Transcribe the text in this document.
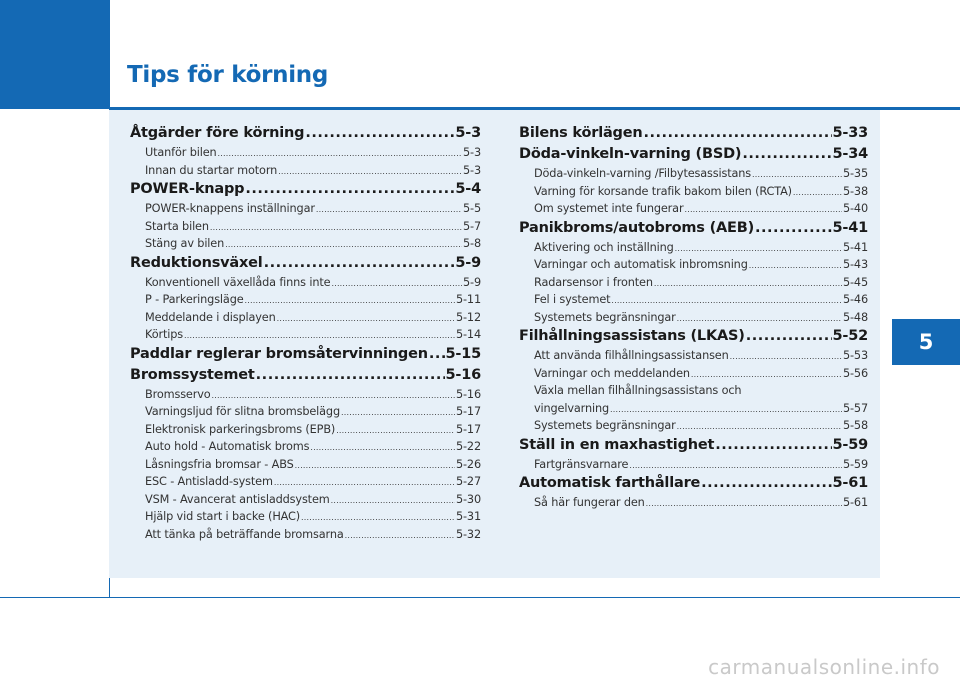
Tips för körning
5
Åtgärder före körning .....	5-3
Utanför bilen .....	5-3
Innan du startar motorn .....	5-3
POWER-knapp .....	5-4
POWER-knappens inställningar .....	5-5
Starta bilen .....	5-7
Stäng av bilen .....	5-8
Reduktionsväxel .....	5-9
Konventionell växellåda finns inte .....	5-9
P - Parkeringsläge .....	5-11
Meddelande i displayen .....	5-12
Körtips .....	5-14
Paddlar reglerar bromsåtervinningen ..... 5-15
Bromssystemet .....	5-16
Bromsservo .....	5-16
Varningsljud för slitna bromsbelägg .....	5-17
Elektronisk parkeringsbroms (EPB) .....	5-17
Auto hold - Automatisk broms .....	5-22
Låsningsfria bromsar - ABS .....	5-26
ESC - Antisladd-system .....	5-27
VSM - Avancerat antisladdsystem .....	5-30
Hjälp vid start i backe (HAC) .....	5-31
Att tänka på beträffande bromsarna .....	5-32
Bilens körlägen .....	5-33
Döda-vinkeln-varning (BSD) .....	5-34
Döda-vinkeln-varning /Filbytesassistans .....	5-35
Varning för korsande trafik bakom bilen (RCTA) .....	5-38
Om systemet inte fungerar .....	5-40
Panikbroms/autobroms (AEB) .....	5-41
Aktivering och inställning .....	5-41
Varningar och automatisk inbromsning .....	5-43
Radarsensor i fronten .....	5-45
Fel i systemet .....	5-46
Systemets begränsningar .....	5-48
Filhållningsassistans (LKAS) .....	5-52
Att använda filhållningsassistansen .....	5-53
Varningar och meddelanden .....	5-56
Växla mellan filhållningsassistans och
vingelvarning .....	5-57
Systemets begränsningar .....	5-58
Ställ in en maxhastighet .....	5-59
Fartgränsvarnare .....	5-59
Automatisk farthållare .....	5-61
Så här fungerar den .....	5-61
carmanualsonline.info
